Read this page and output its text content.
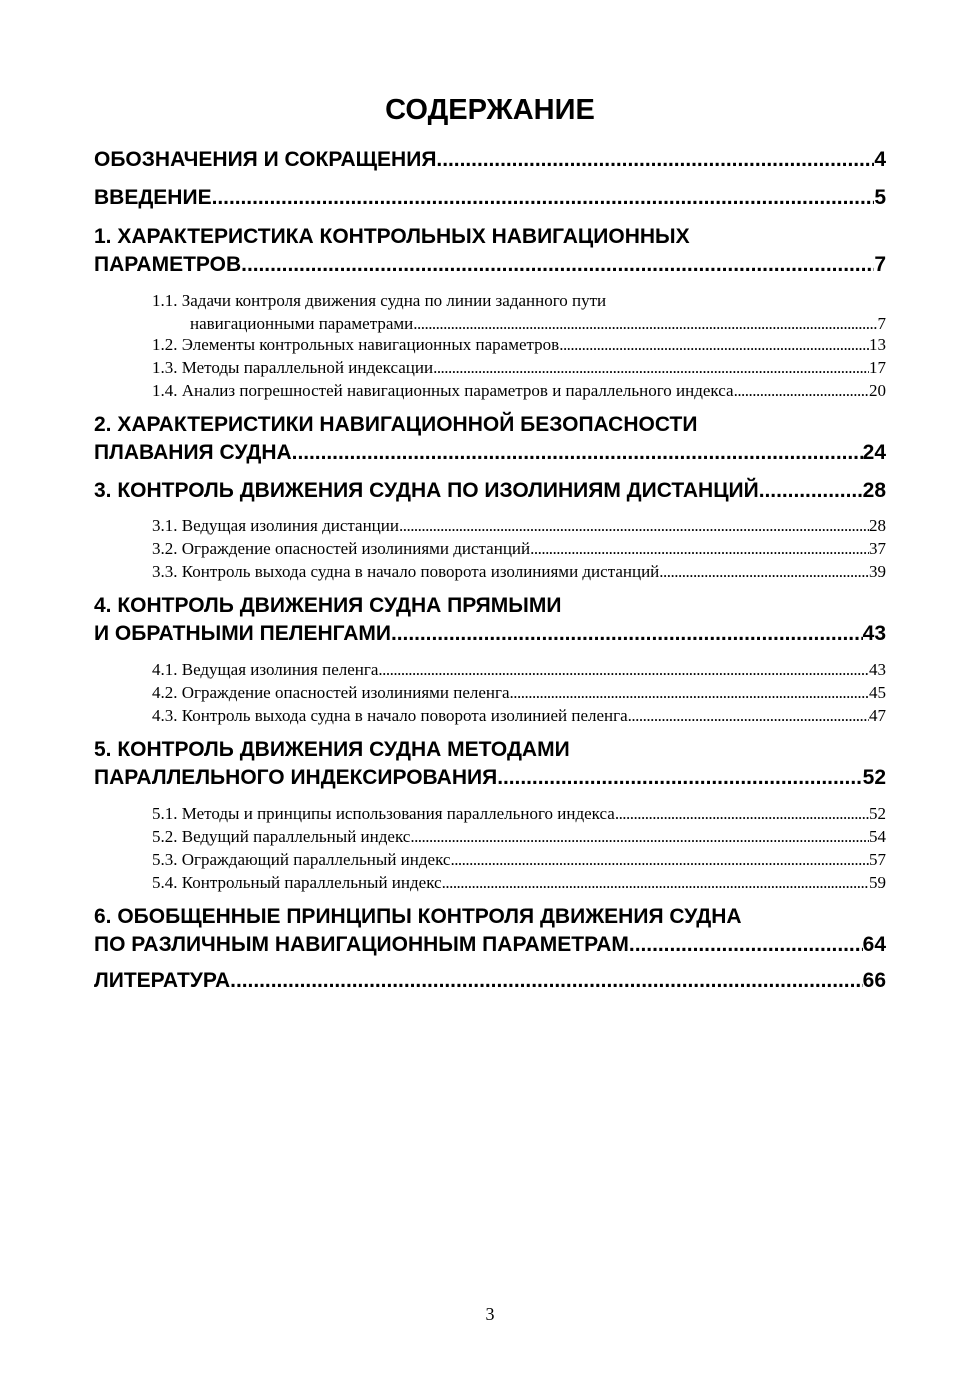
СОДЕРЖАНИЕ
ОБОЗНАЧЕНИЯ И СОКРАЩЕНИЯ . . .	4
ВВЕДЕНИЕ . . .	5
1. ХАРАКТЕРИСТИКА КОНТРОЛЬНЫХ НАВИГАЦИОННЫХ
ПАРАМЕТРОВ . . .	7
1.1. Задачи контроля движения судна по линии заданного пути
навигационными параметрами . . .	7
1.2. Элементы контрольных навигационных параметров . . .	13
1.3. Методы параллельной индексации . . .	17
1.4. Анализ погрешностей навигационных параметров и параллельного индекса . . .	20
2. ХАРАКТЕРИСТИКИ НАВИГАЦИОННОЙ БЕЗОПАСНОСТИ
ПЛАВАНИЯ СУДНА . . .	24
3. КОНТРОЛЬ ДВИЖЕНИЯ СУДНА ПО ИЗОЛИНИЯМ ДИСТАНЦИЙ . . .	28
3.1. Ведущая изолиния дистанции . . .	28
3.2. Ограждение опасностей изолиниями дистанций . . .	37
3.3. Контроль выхода судна в начало поворота изолиниями дистанций . . .	39
4. КОНТРОЛЬ ДВИЖЕНИЯ СУДНА ПРЯМЫМИ
И ОБРАТНЫМИ ПЕЛЕНГАМИ . . .	43
4.1. Ведущая изолиния пеленга . . .	43
4.2. Ограждение опасностей изолиниями пеленга . . .	45
4.3. Контроль выхода судна в начало поворота изолинией пеленга . . .	47
5. КОНТРОЛЬ ДВИЖЕНИЯ СУДНА МЕТОДАМИ
ПАРАЛЛЕЛЬНОГО ИНДЕКСИРОВАНИЯ . . .	52
5.1. Методы и принципы использования параллельного индекса . . .	52
5.2. Ведущий параллельный индекс . . .	54
5.3. Ограждающий параллельный индекс . . .	57
5.4. Контрольный параллельный индекс . . .	59
6. ОБОБЩЕННЫЕ ПРИНЦИПЫ КОНТРОЛЯ ДВИЖЕНИЯ СУДНА
ПО РАЗЛИЧНЫМ НАВИГАЦИОННЫМ ПАРАМЕТРАМ . . .	64
ЛИТЕРАТУРА . . .	66
3
